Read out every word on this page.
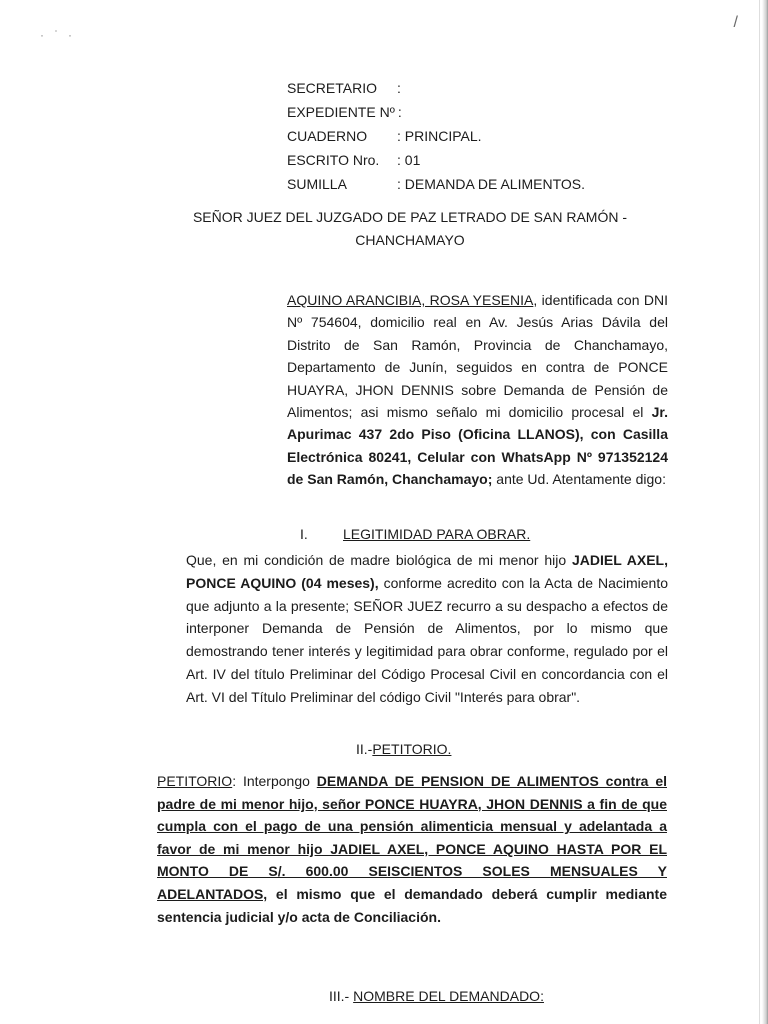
·ˈ·
/
SECRETARIO	:
EXPEDIENTE Nº :
CUADERNO	: PRINCIPAL.
ESCRITO Nro.	: 01
SUMILLA	: DEMANDA DE ALIMENTOS.
SEÑOR JUEZ DEL JUZGADO DE PAZ LETRADO DE SAN RAMÓN -
CHANCHAMAYO
AQUINO ARANCIBIA, ROSA YESENIA, identificada con DNI Nº 754604, domicilio real en Av. Jesús Arias Dávila del Distrito de San Ramón, Provincia de Chanchamayo, Departamento de Junín, seguidos en contra de PONCE HUAYRA, JHON DENNIS sobre Demanda de Pensión de Alimentos; asi mismo señalo mi domicilio procesal el Jr. Apurimac 437 2do Piso (Oficina LLANOS), con Casilla Electrónica 80241, Celular con WhatsApp Nº 971352124 de San Ramón, Chanchamayo; ante Ud. Atentamente digo:
I.	LEGITIMIDAD PARA OBRAR.
Que, en mi condición de madre biológica de mi menor hijo JADIEL AXEL, PONCE AQUINO (04 meses), conforme acredito con la Acta de Nacimiento que adjunto a la presente; SEÑOR JUEZ recurro a su despacho a efectos de interponer Demanda de Pensión de Alimentos, por lo mismo que demostrando tener interés y legitimidad para obrar conforme, regulado por el Art. IV del título Preliminar del Código Procesal Civil en concordancia con el Art. VI del Título Preliminar del código Civil "Interés para obrar".
II.-PETITORIO.
PETITORIO: Interpongo DEMANDA DE PENSION DE ALIMENTOS contra el padre de mi menor hijo, señor PONCE HUAYRA, JHON DENNIS a fin de que cumpla con el pago de una pensión alimenticia mensual y adelantada a favor de mi menor hijo JADIEL AXEL, PONCE AQUINO HASTA POR EL MONTO DE S/. 600.00 SEISCIENTOS SOLES MENSUALES Y ADELANTADOS, el mismo que el demandado deberá cumplir mediante sentencia judicial y/o acta de Conciliación.
III.- NOMBRE DEL DEMANDADO:
